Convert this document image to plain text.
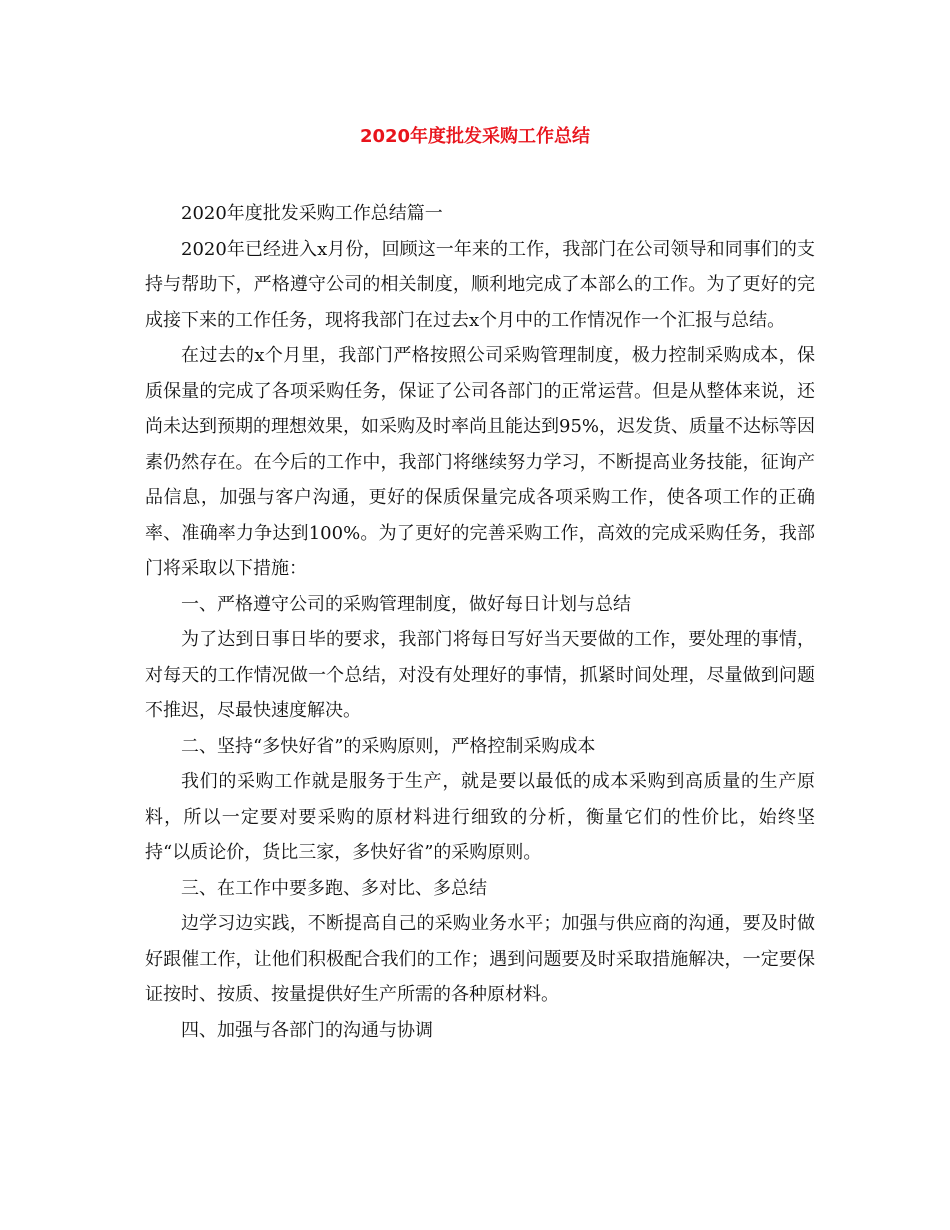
2020年度批发采购工作总结

2020年度批发采购工作总结篇一

2020年已经进入x月份，回顾这一年来的工作，我部门在公司领导和同事们的支持与帮助下，严格遵守公司的相关制度，顺利地完成了本部么的工作。为了更好的完成接下来的工作任务，现将我部门在过去x个月中的工作情况作一个汇报与总结。

在过去的x个月里，我部门严格按照公司采购管理制度，极力控制采购成本，保质保量的完成了各项采购任务，保证了公司各部门的正常运营。但是从整体来说，还尚未达到预期的理想效果，如采购及时率尚且能达到95%，迟发货、质量不达标等因素仍然存在。在今后的工作中，我部门将继续努力学习，不断提高业务技能，征询产品信息，加强与客户沟通，更好的保质保量完成各项采购工作，使各项工作的正确率、准确率力争达到100%。为了更好的完善采购工作，高效的完成采购任务，我部门将采取以下措施：

一、严格遵守公司的采购管理制度，做好每日计划与总结

为了达到日事日毕的要求，我部门将每日写好当天要做的工作，要处理的事情，对每天的工作情况做一个总结，对没有处理好的事情，抓紧时间处理，尽量做到问题不推迟，尽最快速度解决。

二、坚持“多快好省”的采购原则，严格控制采购成本

我们的采购工作就是服务于生产，就是要以最低的成本采购到高质量的生产原料，所以一定要对要采购的原材料进行细致的分析，衡量它们的性价比，始终坚持“以质论价，货比三家，多快好省”的采购原则。

三、在工作中要多跑、多对比、多总结

边学习边实践，不断提高自己的采购业务水平；加强与供应商的沟通，要及时做好跟催工作，让他们积极配合我们的工作；遇到问题要及时采取措施解决，一定要保证按时、按质、按量提供好生产所需的各种原材料。

四、加强与各部门的沟通与协调
